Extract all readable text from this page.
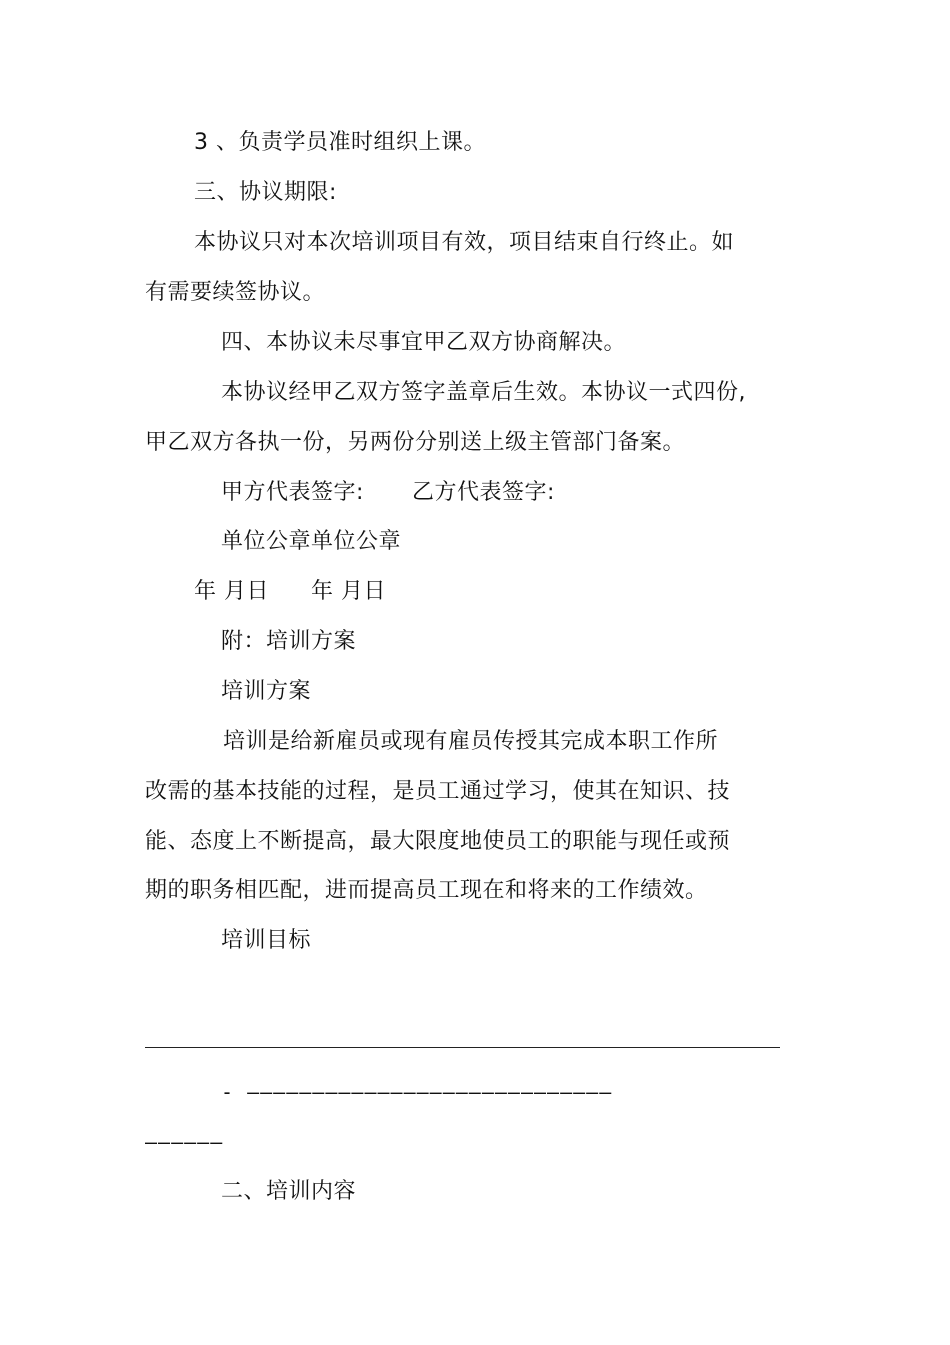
3 、负责学员准时组织上课。
三、协议期限:
本协议只对本次培训项目有效，项目结束自行终止。如
有需要续签协议。
四、本协议未尽事宜甲乙双方协商解决。
本协议经甲乙双方签字盖章后生效。本协议一式四份,
甲乙双方各执一份，另两份分别送上级主管部门备案。
甲方代表签字: 乙方代表签字:
单位公章单位公章
年 月日 年 月日
附：培训方案
培训方案
培训是给新雇员或现有雇员传授其完成本职工作所
改需的基本技能的过程，是员工通过学习，使其在知识、技
能、态度上不断提高，最大限度地使员工的职能与现任或预
期的职务相匹配，进而提高员工现在和将来的工作绩效。
培训目标
- ————————————————————————————
——————
二、培训内容
